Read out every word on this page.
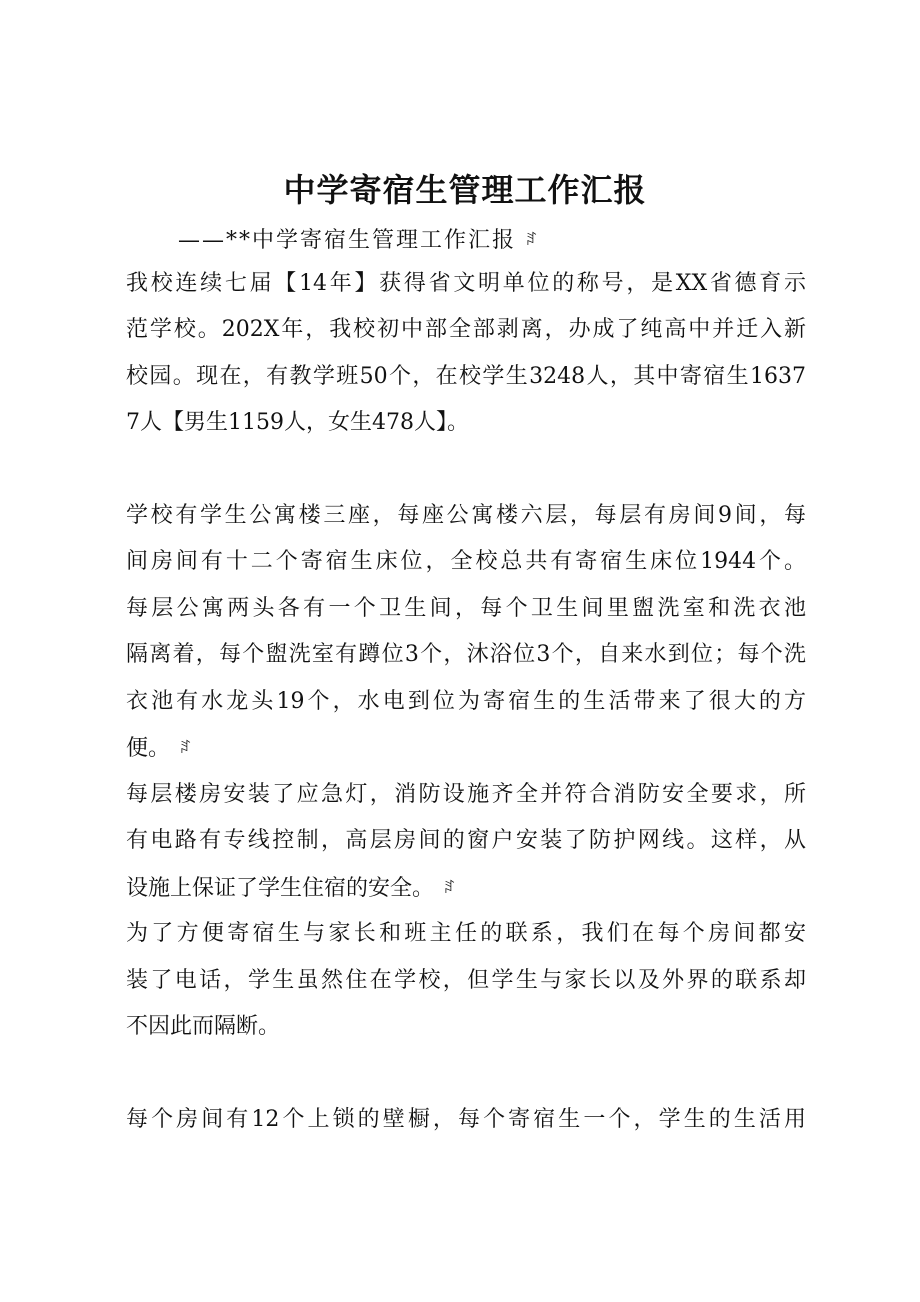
中学寄宿生管理工作汇报
——**中学寄宿生管理工作汇报 ꆐ
我校连续七届【14年】获得省文明单位的称号，是XX省德育示
范学校。202X年，我校初中部全部剥离，办成了纯高中并迁入新
校园。现在，有教学班50个，在校学生3248人，其中寄宿生1637
7人【男生1159人，女生478人】。
学校有学生公寓楼三座，每座公寓楼六层，每层有房间9间，每
间房间有十二个寄宿生床位，全校总共有寄宿生床位1944个。
每层公寓两头各有一个卫生间，每个卫生间里盥洗室和洗衣池
隔离着，每个盥洗室有蹲位3个，沐浴位3个，自来水到位；每个洗
衣池有水龙头19个，水电到位为寄宿生的生活带来了很大的方
便。 ꆐ
每层楼房安装了应急灯，消防设施齐全并符合消防安全要求，所
有电路有专线控制，高层房间的窗户安装了防护网线。这样，从
设施上保证了学生住宿的安全。 ꆐ
为了方便寄宿生与家长和班主任的联系，我们在每个房间都安
装了电话，学生虽然住在学校，但学生与家长以及外界的联系却
不因此而隔断。
每个房间有12个上锁的壁橱，每个寄宿生一个，学生的生活用
